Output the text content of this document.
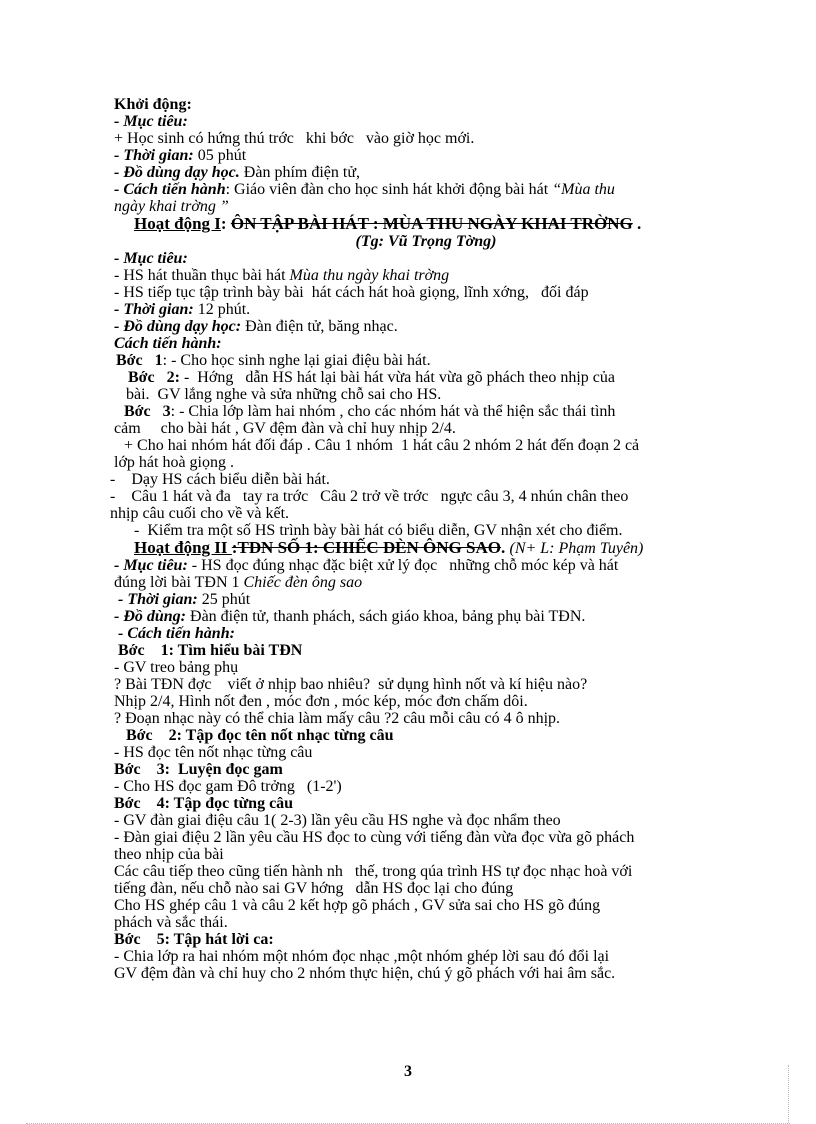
Khởi động:
- Mục tiêu:
+ Học sinh có hứng thú trớc   khi bớc   vào giờ học mới.
- Thời gian: 05 phút
- Đồ dùng dạy học. Đàn phím điện tử,
- Cách tiến hành: Giáo viên đàn cho học sinh hát khởi động bài hát “Mùa thu
ngày khai trờng ”
Hoạt động I: ÔN TẬP BÀI HÁT : MÙA THU NGÀY KHAI TRỜNG .
(Tg: Vũ Trọng Tờng)
- Mục tiêu:
- HS hát thuần thục bài hát Mùa thu ngày khai trờng
- HS tiếp tục tập trình bày bài  hát cách hát hoà giọng, lĩnh xớng,   đối đáp
- Thời gian: 12 phút.
- Đồ dùng dạy học: Đàn điện tử, băng nhạc.
Cách tiến hành:
Bớc   1: - Cho học sinh nghe lại giai điệu bài hát.
Bớc   2: -  Hớng   dẫn HS hát lại bài hát vừa hát vừa gõ phách theo nhịp của
bài.  GV lắng nghe và sửa những chỗ sai cho HS.
Bớc   3: - Chia lớp làm hai nhóm , cho các nhóm hát và thể hiện sắc thái tình
cảm     cho bài hát , GV đệm đàn và chỉ huy nhịp 2/4.
+ Cho hai nhóm hát đối đáp . Câu 1 nhóm  1 hát câu 2 nhóm 2 hát đến đoạn 2 cả
lớp hát hoà giọng .
-    Dạy HS cách biểu diễn bài hát.
-    Câu 1 hát và đa   tay ra trớc   Câu 2 trở về trớc   ngực câu 3, 4 nhún chân theo
nhịp câu cuối cho về và kết.
-  Kiểm tra một số HS trình bày bài hát có biểu diễn, GV nhận xét cho điểm.
Hoạt động II :TĐN SỐ 1: CHIẾC ĐÈN ÔNG SAO. (N+ L: Phạm Tuyên)
- Mục tiêu: - HS đọc đúng nhạc đặc biệt xử lý đọc   những chỗ móc kép và hát
đúng lời bài TĐN 1 Chiếc đèn ông sao
- Thời gian: 25 phút
- Đồ dùng: Đàn điện tử, thanh phách, sách giáo khoa, bảng phụ bài TĐN.
- Cách tiến hành:
Bớc    1: Tìm hiểu bài TĐN
- GV treo bảng phụ
? Bài TĐN đợc    viết ở nhịp bao nhiêu?  sử dụng hình nốt và kí hiệu nào?
Nhịp 2/4, Hình nốt đen , móc đơn , móc kép, móc đơn chấm dôi.
? Đoạn nhạc này có thể chia làm mấy câu ?2 câu mỗi câu có 4 ô nhịp.
Bớc    2: Tập đọc tên nốt nhạc từng câu
- HS đọc tên nốt nhạc từng câu
Bớc    3:  Luyện đọc gam
- Cho HS đọc gam Đô trởng   (1-2')
Bớc    4: Tập đọc từng câu
- GV đàn giai điệu câu 1( 2-3) lần yêu cầu HS nghe và đọc nhẩm theo
- Đàn giai điệu 2 lần yêu cầu HS đọc to cùng với tiếng đàn vừa đọc vừa gõ phách
theo nhịp của bài
Các câu tiếp theo cũng tiến hành nh   thế, trong qúa trình HS tự đọc nhạc hoà với
tiếng đàn, nếu chỗ nào sai GV hớng   dẫn HS đọc lại cho đúng
Cho HS ghép câu 1 và câu 2 kết hợp gõ phách , GV sửa sai cho HS gõ đúng
phách và sắc thái.
Bớc    5: Tập hát lời ca:
- Chia lớp ra hai nhóm một nhóm đọc nhạc ,một nhóm ghép lời sau đó đổi lại
GV đệm đàn và chỉ huy cho 2 nhóm thực hiện, chú ý gõ phách với hai âm sắc.
3
